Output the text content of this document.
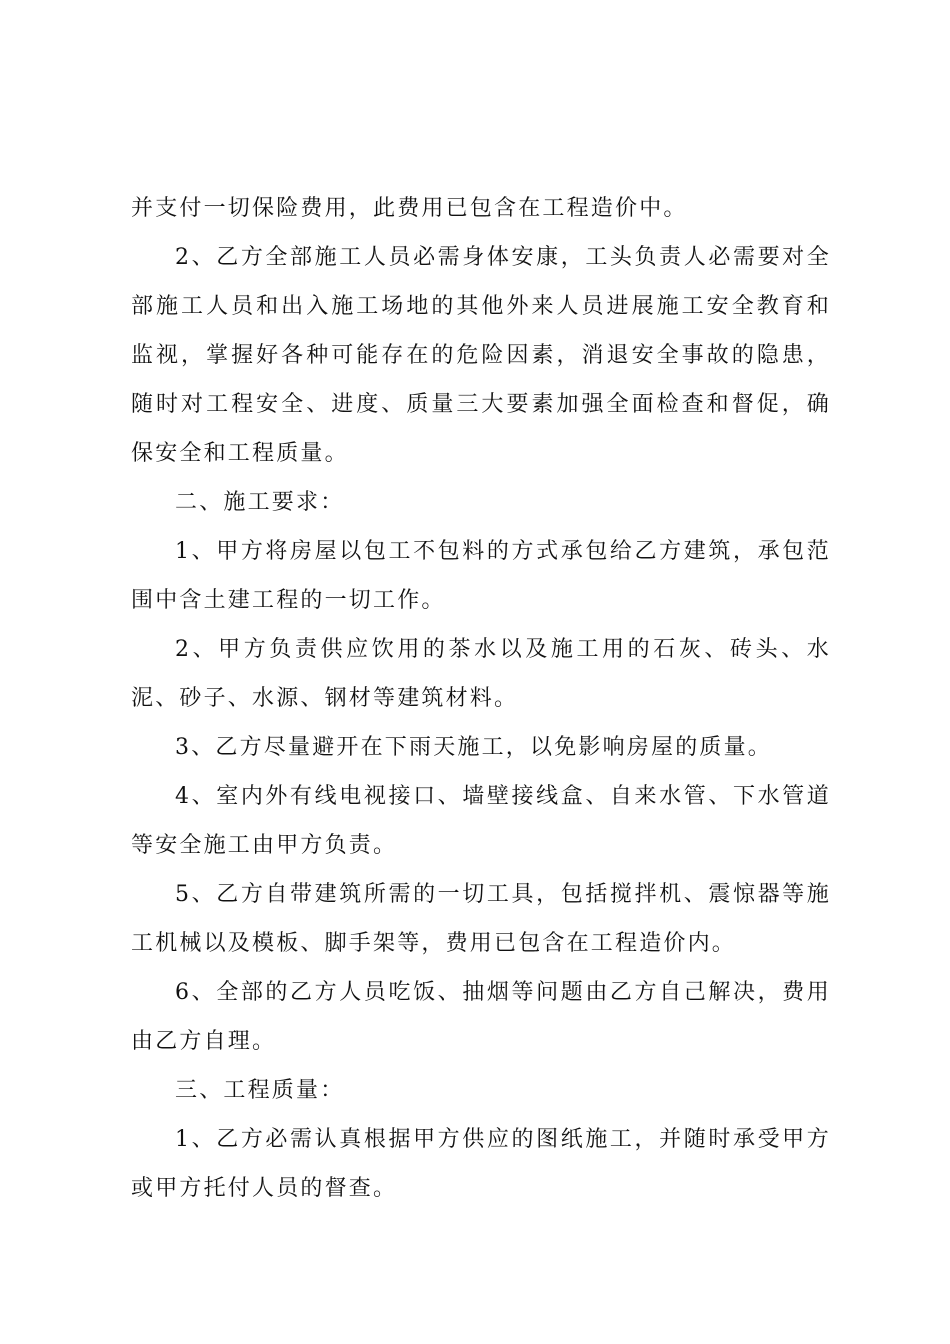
并支付一切保险费用，此费用已包含在工程造价中。

2、乙方全部施工人员必需身体安康，工头负责人必需要对全部施工人员和出入施工场地的其他外来人员进展施工安全教育和监视，掌握好各种可能存在的危险因素，消退安全事故的隐患，随时对工程安全、进度、质量三大要素加强全面检查和督促，确保安全和工程质量。

二、施工要求：

1、甲方将房屋以包工不包料的方式承包给乙方建筑，承包范围中含土建工程的一切工作。

2、甲方负责供应饮用的茶水以及施工用的石灰、砖头、水泥、砂子、水源、钢材等建筑材料。

3、乙方尽量避开在下雨天施工，以免影响房屋的质量。

4、室内外有线电视接口、墙壁接线盒、自来水管、下水管道等安全施工由甲方负责。

5、乙方自带建筑所需的一切工具，包括搅拌机、震惊器等施工机械以及模板、脚手架等，费用已包含在工程造价内。

6、全部的乙方人员吃饭、抽烟等问题由乙方自己解决，费用由乙方自理。

三、工程质量：

1、乙方必需认真根据甲方供应的图纸施工，并随时承受甲方或甲方托付人员的督查。
